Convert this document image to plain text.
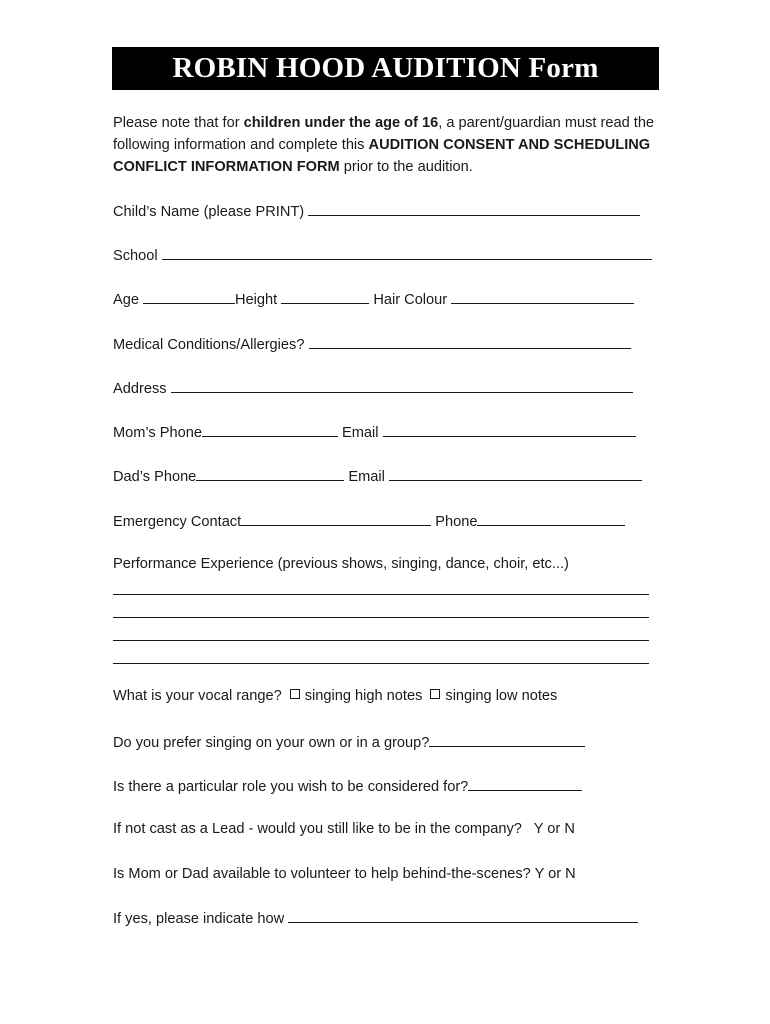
ROBIN HOOD AUDITION Form
Please note that for children under the age of 16, a parent/guardian must read the following information and complete this AUDITION CONSENT AND SCHEDULING CONFLICT INFORMATION FORM prior to the audition.
Child’s Name (please PRINT)
School
Age	Height	Hair Colour
Medical Conditions/Allergies?
Address
Mom’s Phone	Email
Dad’s Phone	Email
Emergency Contact	Phone
Performance Experience (previous shows, singing, dance, choir, etc...)
What is your vocal range? singing high notes singing low notes
Do you prefer singing on your own or in a group?
Is there a particular role you wish to be considered for?
If not cast as a Lead - would you still like to be in the company? Y or N
Is Mom or Dad available to volunteer to help behind-the-scenes? Y or N
If yes, please indicate how
